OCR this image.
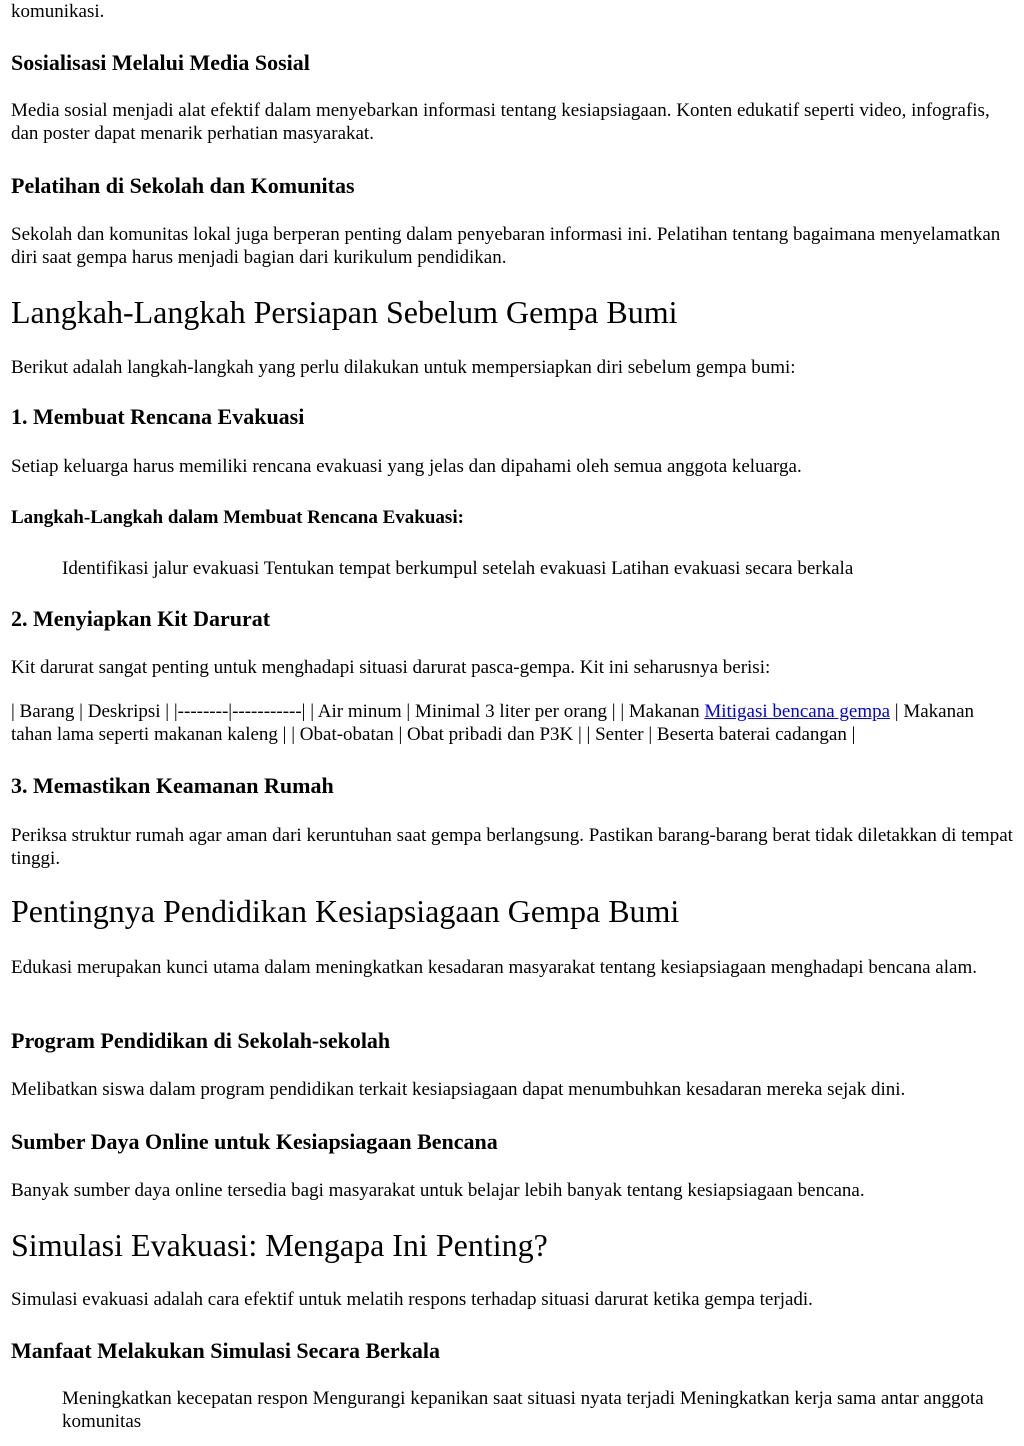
komunikasi.

Sosialisasi Melalui Media Sosial

Media sosial menjadi alat efektif dalam menyebarkan informasi tentang kesiapsiagaan. Konten edukatif seperti video, infografis, dan poster dapat menarik perhatian masyarakat.

Pelatihan di Sekolah dan Komunitas

Sekolah dan komunitas lokal juga berperan penting dalam penyebaran informasi ini. Pelatihan tentang bagaimana menyelamatkan diri saat gempa harus menjadi bagian dari kurikulum pendidikan.

Langkah-Langkah Persiapan Sebelum Gempa Bumi

Berikut adalah langkah-langkah yang perlu dilakukan untuk mempersiapkan diri sebelum gempa bumi:

1. Membuat Rencana Evakuasi

Setiap keluarga harus memiliki rencana evakuasi yang jelas dan dipahami oleh semua anggota keluarga.

Langkah-Langkah dalam Membuat Rencana Evakuasi:

Identifikasi jalur evakuasi Tentukan tempat berkumpul setelah evakuasi Latihan evakuasi secara berkala

2. Menyiapkan Kit Darurat

Kit darurat sangat penting untuk menghadapi situasi darurat pasca-gempa. Kit ini seharusnya berisi:

| Barang | Deskripsi | |--------|-----------| | Air minum | Minimal 3 liter per orang | | Makanan Mitigasi bencana gempa | Makanan tahan lama seperti makanan kaleng | | Obat-obatan | Obat pribadi dan P3K | | Senter | Beserta baterai cadangan |

3. Memastikan Keamanan Rumah

Periksa struktur rumah agar aman dari keruntuhan saat gempa berlangsung. Pastikan barang-barang berat tidak diletakkan di tempat tinggi.

Pentingnya Pendidikan Kesiapsiagaan Gempa Bumi

Edukasi merupakan kunci utama dalam meningkatkan kesadaran masyarakat tentang kesiapsiagaan menghadapi bencana alam.

Program Pendidikan di Sekolah-sekolah

Melibatkan siswa dalam program pendidikan terkait kesiapsiagaan dapat menumbuhkan kesadaran mereka sejak dini.

Sumber Daya Online untuk Kesiapsiagaan Bencana

Banyak sumber daya online tersedia bagi masyarakat untuk belajar lebih banyak tentang kesiapsiagaan bencana.

Simulasi Evakuasi: Mengapa Ini Penting?

Simulasi evakuasi adalah cara efektif untuk melatih respons terhadap situasi darurat ketika gempa terjadi.

Manfaat Melakukan Simulasi Secara Berkala

Meningkatkan kecepatan respon Mengurangi kepanikan saat situasi nyata terjadi Meningkatkan kerja sama antar anggota komunitas
